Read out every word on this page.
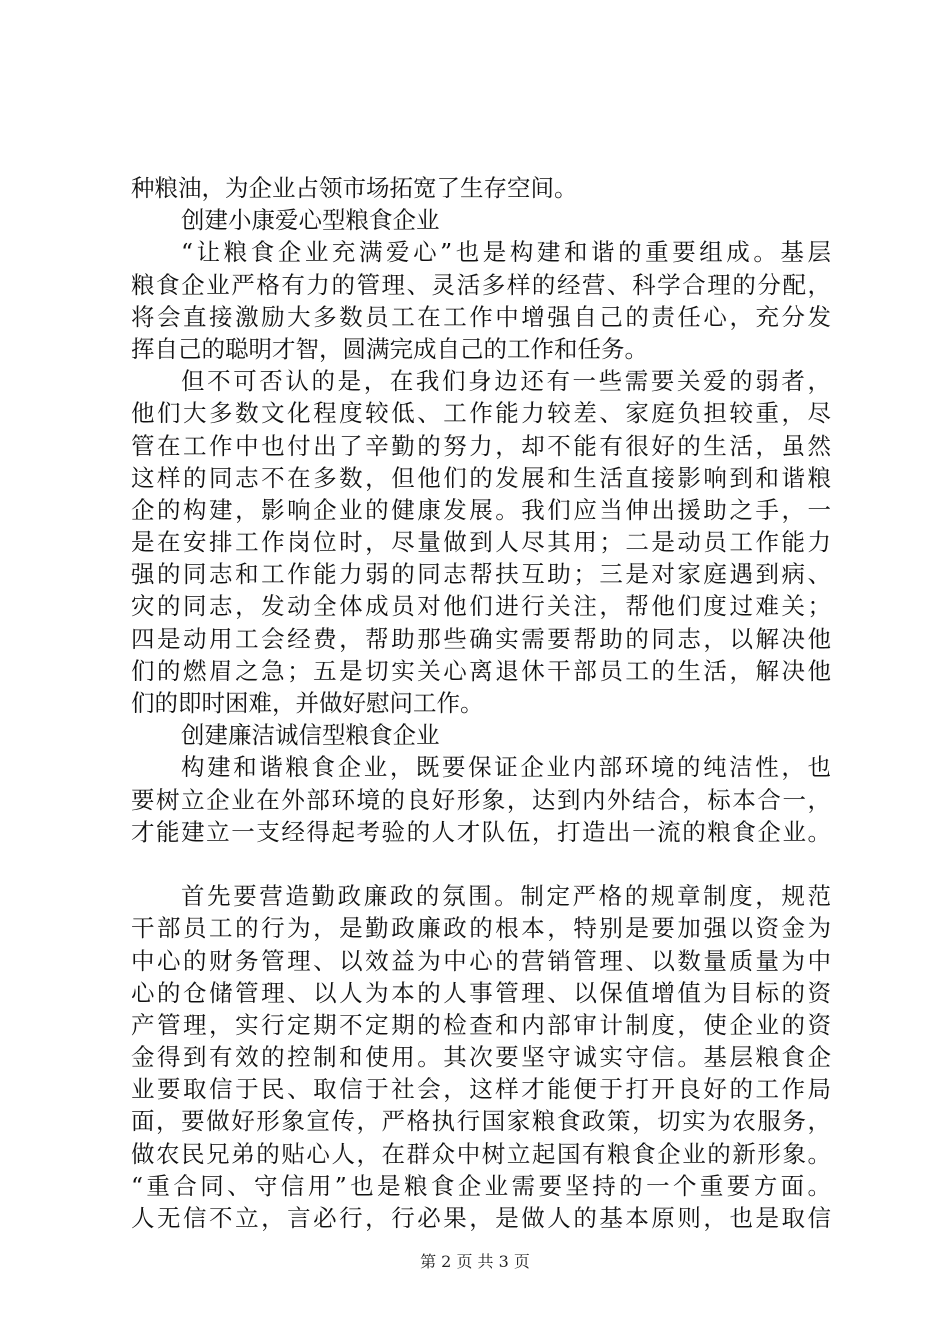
种粮油，为企业占领市场拓宽了生存空间。
创建小康爱心型粮食企业
“让粮食企业充满爱心”也是构建和谐的重要组成。基层
粮食企业严格有力的管理、灵活多样的经营、科学合理的分配，
将会直接激励大多数员工在工作中增强自己的责任心，充分发
挥自己的聪明才智，圆满完成自己的工作和任务。
但不可否认的是，在我们身边还有一些需要关爱的弱者，
他们大多数文化程度较低、工作能力较差、家庭负担较重，尽
管在工作中也付出了辛勤的努力，却不能有很好的生活，虽然
这样的同志不在多数，但他们的发展和生活直接影响到和谐粮
企的构建，影响企业的健康发展。我们应当伸出援助之手，一
是在安排工作岗位时，尽量做到人尽其用；二是动员工作能力
强的同志和工作能力弱的同志帮扶互助；三是对家庭遇到病、
灾的同志，发动全体成员对他们进行关注，帮他们度过难关；
四是动用工会经费，帮助那些确实需要帮助的同志，以解决他
们的燃眉之急；五是切实关心离退休干部员工的生活，解决他
们的即时困难，并做好慰问工作。
创建廉洁诚信型粮食企业
构建和谐粮食企业，既要保证企业内部环境的纯洁性，也
要树立企业在外部环境的良好形象，达到内外结合，标本合一，
才能建立一支经得起考验的人才队伍，打造出一流的粮食企业。
首先要营造勤政廉政的氛围。制定严格的规章制度，规范
干部员工的行为，是勤政廉政的根本，特别是要加强以资金为
中心的财务管理、以效益为中心的营销管理、以数量质量为中
心的仓储管理、以人为本的人事管理、以保值增值为目标的资
产管理，实行定期不定期的检查和内部审计制度，使企业的资
金得到有效的控制和使用。其次要坚守诚实守信。基层粮食企
业要取信于民、取信于社会，这样才能便于打开良好的工作局
面，要做好形象宣传，严格执行国家粮食政策，切实为农服务，
做农民兄弟的贴心人，在群众中树立起国有粮食企业的新形象。
“重合同、守信用”也是粮食企业需要坚持的一个重要方面。
人无信不立，言必行，行必果，是做人的基本原则，也是取信
第 2 页 共 3 页
